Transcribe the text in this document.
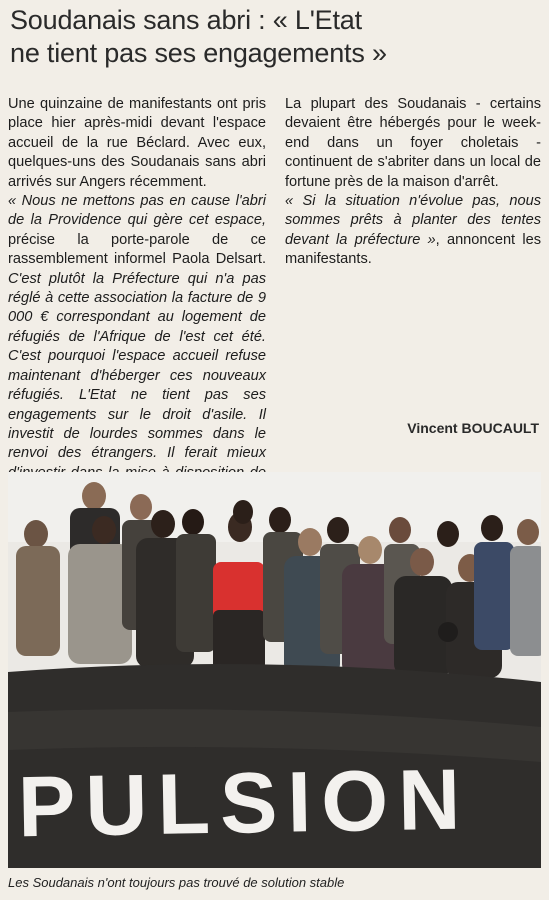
Soudanais sans abri : « L'Etat
ne tient pas ses engagements »

Une quinzaine de manifestants ont pris place hier après-midi devant l'espace accueil de la rue Béclard. Avec eux, quelques-uns des Soudanais sans abri arrivés sur Angers récemment.

« Nous ne mettons pas en cause l'abri de la Providence qui gère cet espace, précise la porte-parole de ce rassemblement informel Paola Delsart. C'est plutôt la Préfecture qui n'a pas réglé à cette association la facture de 9 000 € correspondant au logement de réfugiés de l'Afrique de l'est cet été. C'est pourquoi l'espace accueil refuse maintenant d'héberger ces nouveaux réfugiés. L'Etat ne tient pas ses engagements sur le droit d'asile. Il investit de lourdes sommes dans le renvoi des étrangers. Il ferait mieux

La plupart des Soudanais - certains devaient être hébergés pour le week-end dans un foyer choletais - continuent de s'abriter dans un local de fortune près de la maison d'arrêt.

« Si la situation n'évolue pas, nous sommes prêts à planter des tentes devant la préfecture », annoncent les manifestants.

Vincent BOUCAULT
PULSION
Les Soudanais n'ont toujours pas trouvé de solution stable
